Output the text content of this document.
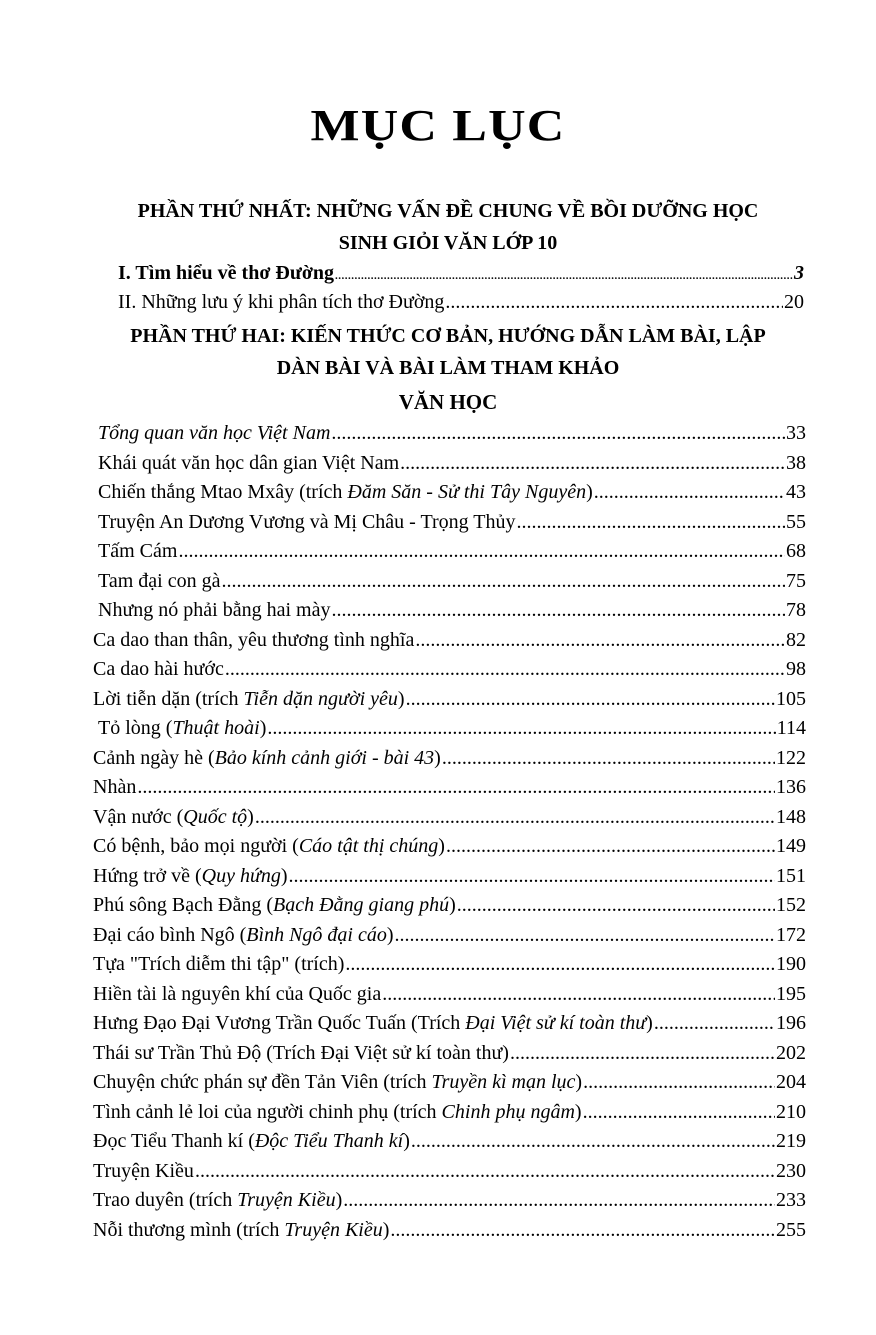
MỤC LỤC
PHẦN THỨ NHẤT: NHỮNG VẤN ĐỀ CHUNG VỀ BỒI DƯỠNG HỌC
SINH GIỎI VĂN LỚP 10
I. Tìm hiểu về thơ Đường .....	3
II. Những lưu ý khi phân tích thơ Đường .....	20
PHẦN THỨ HAI: KIẾN THỨC CƠ BẢN, HƯỚNG DẪN LÀM BÀI, LẬP
DÀN BÀI VÀ BÀI LÀM THAM KHẢO
VĂN HỌC
Tổng quan văn học Việt Nam .....	33
Khái quát văn học dân gian Việt Nam .....	38
Chiến thắng Mtao Mxây (trích Đăm Săn - Sử thi Tây Nguyên) .....	43
Truyện An Dương Vương và Mị Châu - Trọng Thủy .....	55
Tấm Cám .....	68
Tam đại con gà .....	75
Nhưng nó phải bằng hai mày .....	78
Ca dao than thân, yêu thương tình nghĩa .....	82
Ca dao hài hước .....	98
Lời tiễn dặn (trích Tiễn dặn người yêu) .....	105
Tỏ lòng (Thuật hoài) .....	114
Cảnh ngày hè (Bảo kính cảnh giới - bài 43) .....	122
Nhàn .....	136
Vận nước (Quốc tộ) .....	148
Có bệnh, bảo mọi người (Cáo tật thị chúng) .....	149
Hứng trở về (Quy hứng) .....	151
Phú sông Bạch Đằng (Bạch Đằng giang phú) .....	152
Đại cáo bình Ngô (Bình Ngô đại cáo) .....	172
Tựa "Trích diễm thi tập" (trích) .....	190
Hiền tài là nguyên khí của Quốc gia .....	195
Hưng Đạo Đại Vương Trần Quốc Tuấn (Trích Đại Việt sử kí toàn thư) .....	196
Thái sư Trần Thủ Độ (Trích Đại Việt sử kí toàn thư) .....	202
Chuyện chức phán sự đền Tản Viên (trích Truyền kì mạn lục) .....	204
Tình cảnh lẻ loi của người chinh phụ (trích Chinh phụ ngâm) .....	210
Đọc Tiểu Thanh kí (Độc Tiểu Thanh kí) .....	219
Truyện Kiều .....	230
Trao duyên (trích Truyện Kiều) .....	233
Nỗi thương mình (trích Truyện Kiều) .....	255
